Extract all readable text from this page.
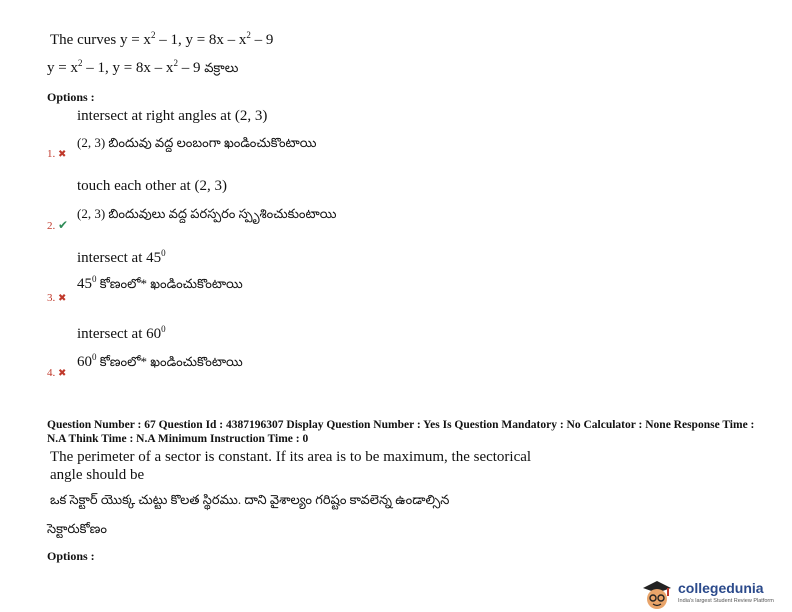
The curves $y = x^2 - 1$, $y = 8x - x^2 - 9$
$y = x^2 - 1$, $y = 8x - x^2 - 9$ వక్రాలు
Options :
intersect at right angles at (2, 3)
(2, 3) బిందువు వద్ద లంబంగా ఖండించుకొంటాయి
1. ✖
touch each other at (2, 3)
(2, 3) బిందువులు వద్ద పరస్పరం స్పృశించుకుంటాయి
2. ✔
intersect at $45^0$
$45^0$ కోణంలో* ఖండించుకొంటాయి
3. ✖
intersect at $60^0$
$60^0$ కోణంలో* ఖండించుకొంటాయి
4. ✖
Question Number : 67 Question Id : 4387196307 Display Question Number : Yes Is Question Mandatory : No Calculator : None Response Time : N.A Think Time : N.A Minimum Instruction Time : 0
The perimeter of a sector is constant. If its area is to be maximum, the sectorical
angle should be
ఒక సెక్టార్ యొక్క చుట్టు కొలత స్థిరము. దాని వైశాల్యం గరిష్టం కావలెన్న ఉండాల్సిన
సెక్టారుకోణం
Options :
collegedunia
India's largest Student Review Platform
